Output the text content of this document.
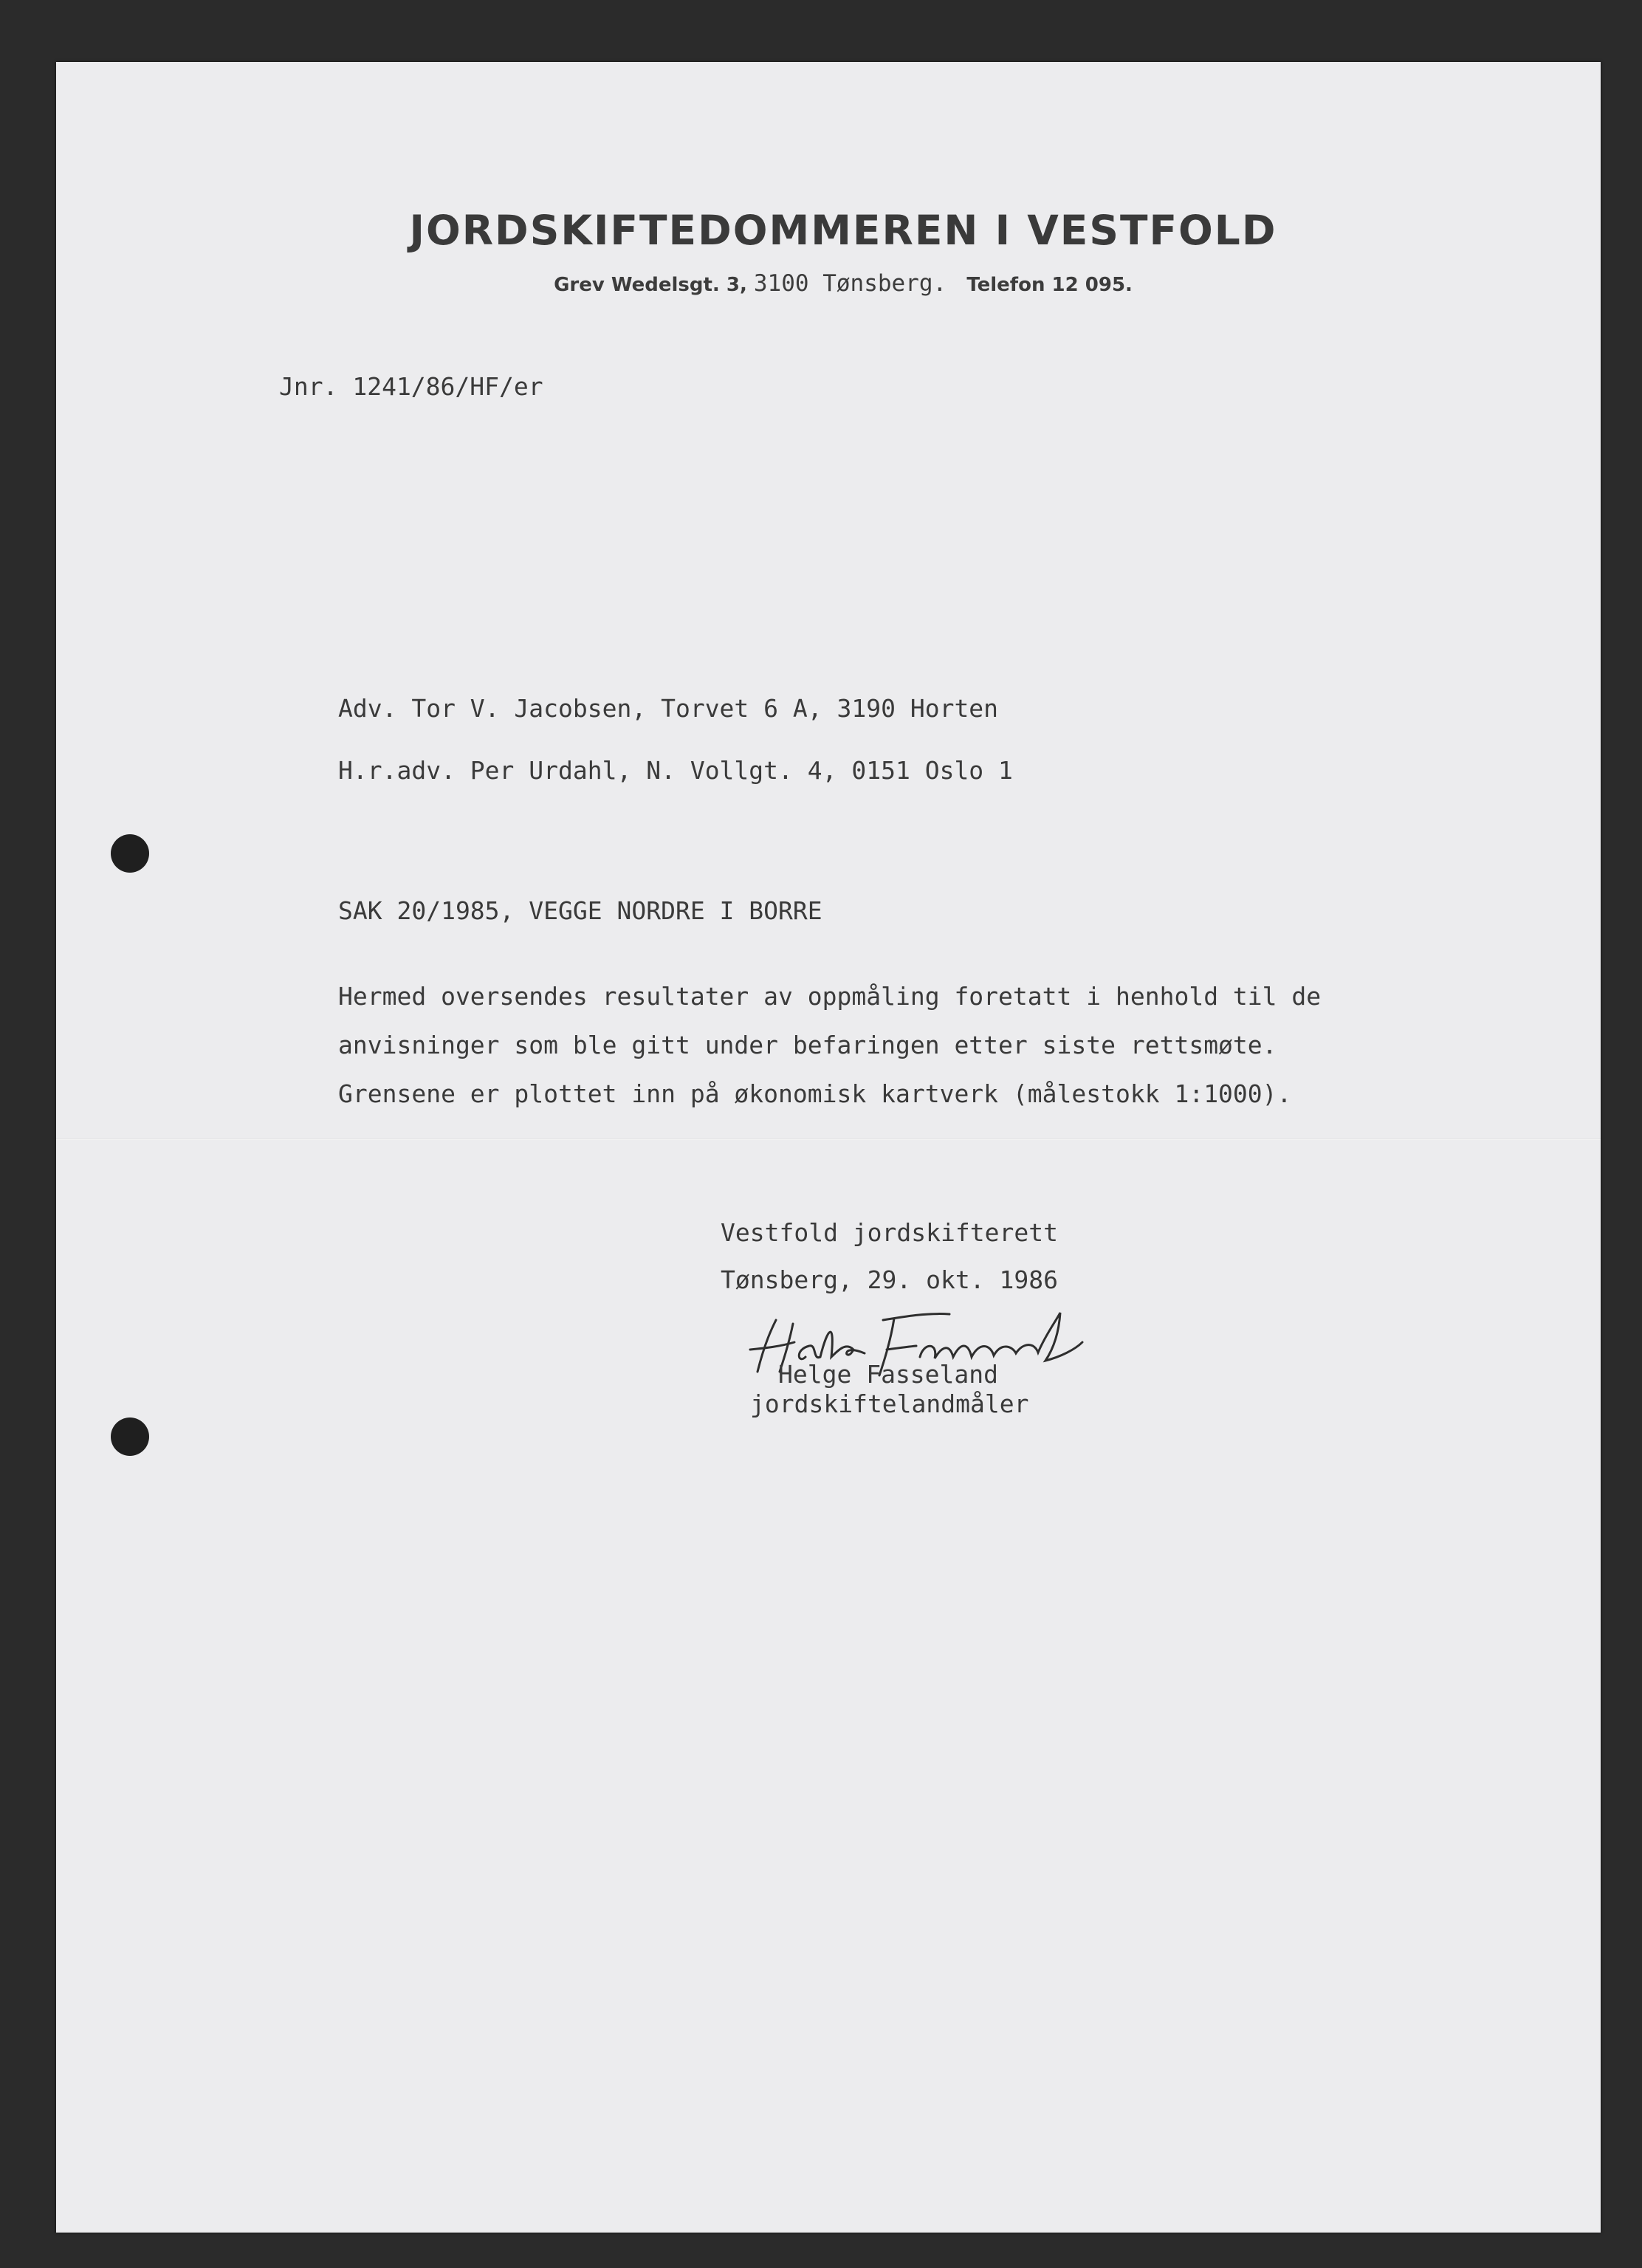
JORDSKIFTEDOMMEREN I VESTFOLD
Grev Wedelsgt. 3, 3100 Tønsberg. Telefon 12 095.
Jnr. 1241/86/HF/er
Adv. Tor V. Jacobsen, Torvet 6 A, 3190 Horten
H.r.adv. Per Urdahl, N. Vollgt. 4, 0151 Oslo 1
SAK 20/1985, VEGGE NORDRE I BORRE
Hermed oversendes resultater av oppmåling foretatt i henhold til de
anvisninger som ble gitt under befaringen etter siste rettsmøte.
Grensene er plottet inn på økonomisk kartverk (målestokk 1:1000).
Vestfold jordskifterett
Tønsberg, 29. okt. 1986
Helge Fasseland
jordskiftelandmåler
